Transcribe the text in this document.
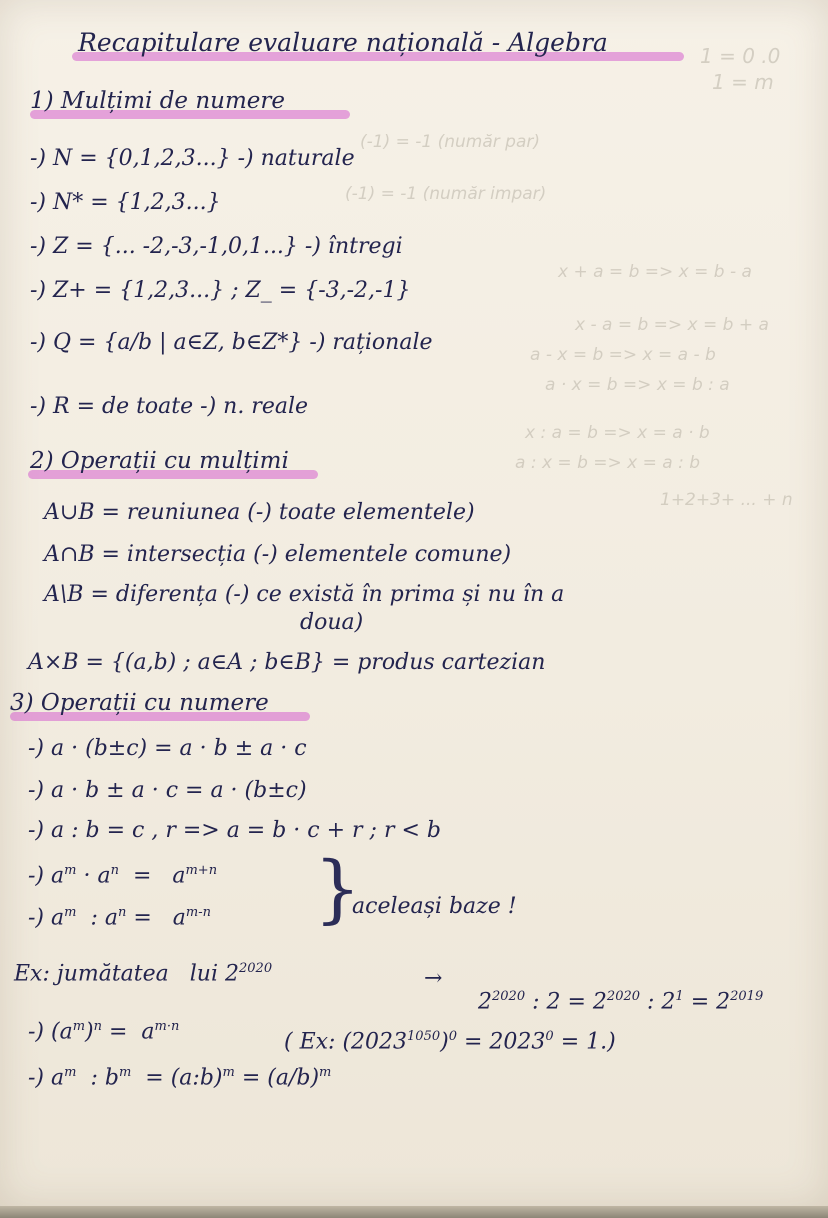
1 = 0 .0
1 = m
(-1) = -1 (număr par)
(-1) = -1 (număr impar)
x + a = b => x = b - a
x - a = b => x = b + a
a - x = b => x = a - b
a · x = b => x = b : a
x : a = b => x = a · b
a : x = b => x = a : b
1+2+3+ ... + n
Recapitulare evaluare națională - Algebra
1) Mulțimi de numere
-) N = {0,1,2,3...} -) naturale
-) N* = {1,2,3...}
-) Z = {... -2,-3,-1,0,1...} -) întregi
-) Z+ = {1,2,3...} ; Z_ = {-3,-2,-1}
-) Q = {a/b | a∈Z, b∈Z*} -) raționale
-) R = de toate -) n. reale
2) Operații cu mulțimi
A∪B = reuniunea (-) toate elementele)
A∩B = intersecția (-) elementele comune)
A\B = diferența (-) ce există în prima și nu în a
doua)
A×B = {(a,b) ; a∈A ; b∈B} = produs cartezian
3) Operații cu numere
-) a · (b±c) = a · b ± a · c
-) a · b ± a · c = a · (b±c)
-) a : b = c , r => a = b · c + r ; r < b
-) $a^m \cdot a^n = a^{m+n}$
-) $a^m$  : $a^n = a^{m-n}$ }
aceleași baze !
Ex: jumătatea lui $2^{2020}$	→
$2^{2020}$ : $2 = 2^{2020}$ : $2^1 = 2^{2019}$
-) $(a^m)^n = a^{m\cdot n}$
( Ex: $(2023^{1050})^0 = 2023^0 = 1$.)
-) $a^m$  : $b^m$ = (a:b)$^m$ = $(a/b)^m$
